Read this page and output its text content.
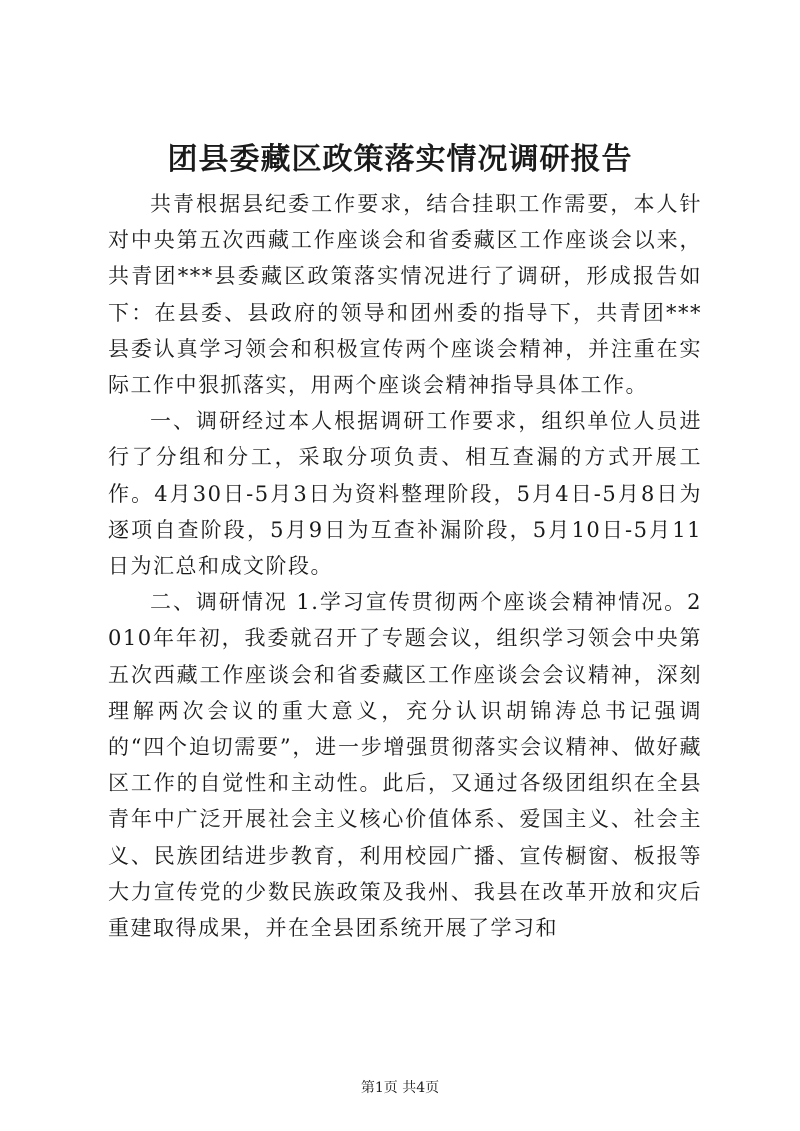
团县委藏区政策落实情况调研报告

共青根据县纪委工作要求，结合挂职工作需要，本人针对中央第五次西藏工作座谈会和省委藏区工作座谈会以来，共青团***县委藏区政策落实情况进行了调研，形成报告如下：在县委、县政府的领导和团州委的指导下，共青团***县委认真学习领会和积极宣传两个座谈会精神，并注重在实际工作中狠抓落实，用两个座谈会精神指导具体工作。

一、调研经过本人根据调研工作要求，组织单位人员进行了分组和分工，采取分项负责、相互查漏的方式开展工作。4月30日-5月3日为资料整理阶段，5月4日-5月8日为逐项自查阶段，5月9日为互查补漏阶段，5月10日-5月11日为汇总和成文阶段。

二、调研情况 1.学习宣传贯彻两个座谈会精神情况。2010年年初，我委就召开了专题会议，组织学习领会中央第五次西藏工作座谈会和省委藏区工作座谈会会议精神，深刻理解两次会议的重大意义，充分认识胡锦涛总书记强调的“四个迫切需要”，进一步增强贯彻落实会议精神、做好藏区工作的自觉性和主动性。此后，又通过各级团组织在全县青年中广泛开展社会主义核心价值体系、爱国主义、社会主义、民族团结进步教育，利用校园广播、宣传橱窗、板报等大力宣传党的少数民族政策及我州、我县在改革开放和灾后重建取得成果，并在全县团系统开展了学习和

第1页 共4页
